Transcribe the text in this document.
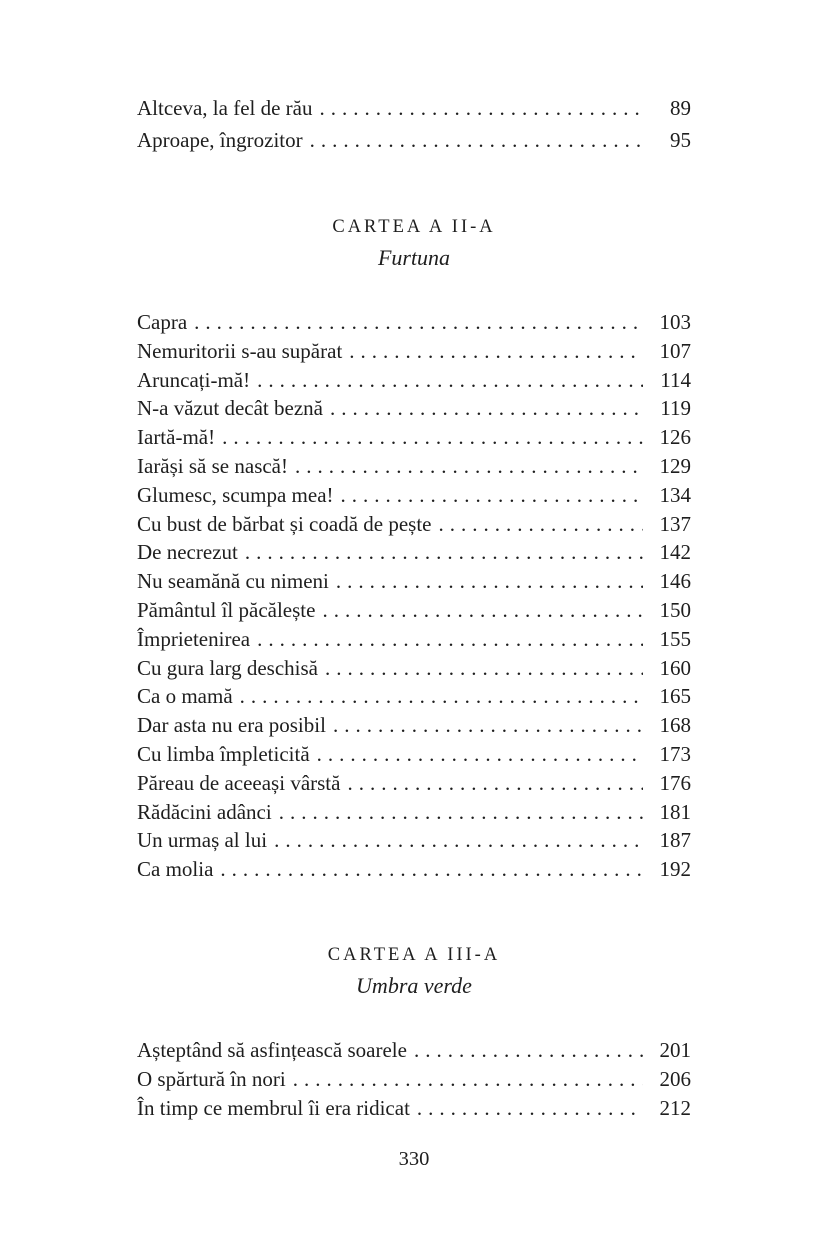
Altceva, la fel de rău .....	89
Aproape, îngrozitor .....	95
CARTEA A II-A
Furtuna
Capra .....	103
Nemuritorii s-au supărat .....	107
Aruncați-mă! .....	114
N-a văzut decât beznă .....	119
Iartă-mă! .....	126
Iarăși să se nască! .....	129
Glumesc, scumpa mea! .....	134
Cu bust de bărbat și coadă de pește .....	137
De necrezut .....	142
Nu seamănă cu nimeni .....	146
Pământul îl păcălește .....	150
Împrietenirea .....	155
Cu gura larg deschisă .....	160
Ca o mamă .....	165
Dar asta nu era posibil .....	168
Cu limba împleticită .....	173
Păreau de aceeași vârstă .....	176
Rădăcini adânci .....	181
Un urmaș al lui .....	187
Ca molia .....	192
CARTEA A III-A
Umbra verde
Așteptând să asfințească soarele .....	201
O spărtură în nori .....	206
În timp ce membrul îi era ridicat .....	212
330
